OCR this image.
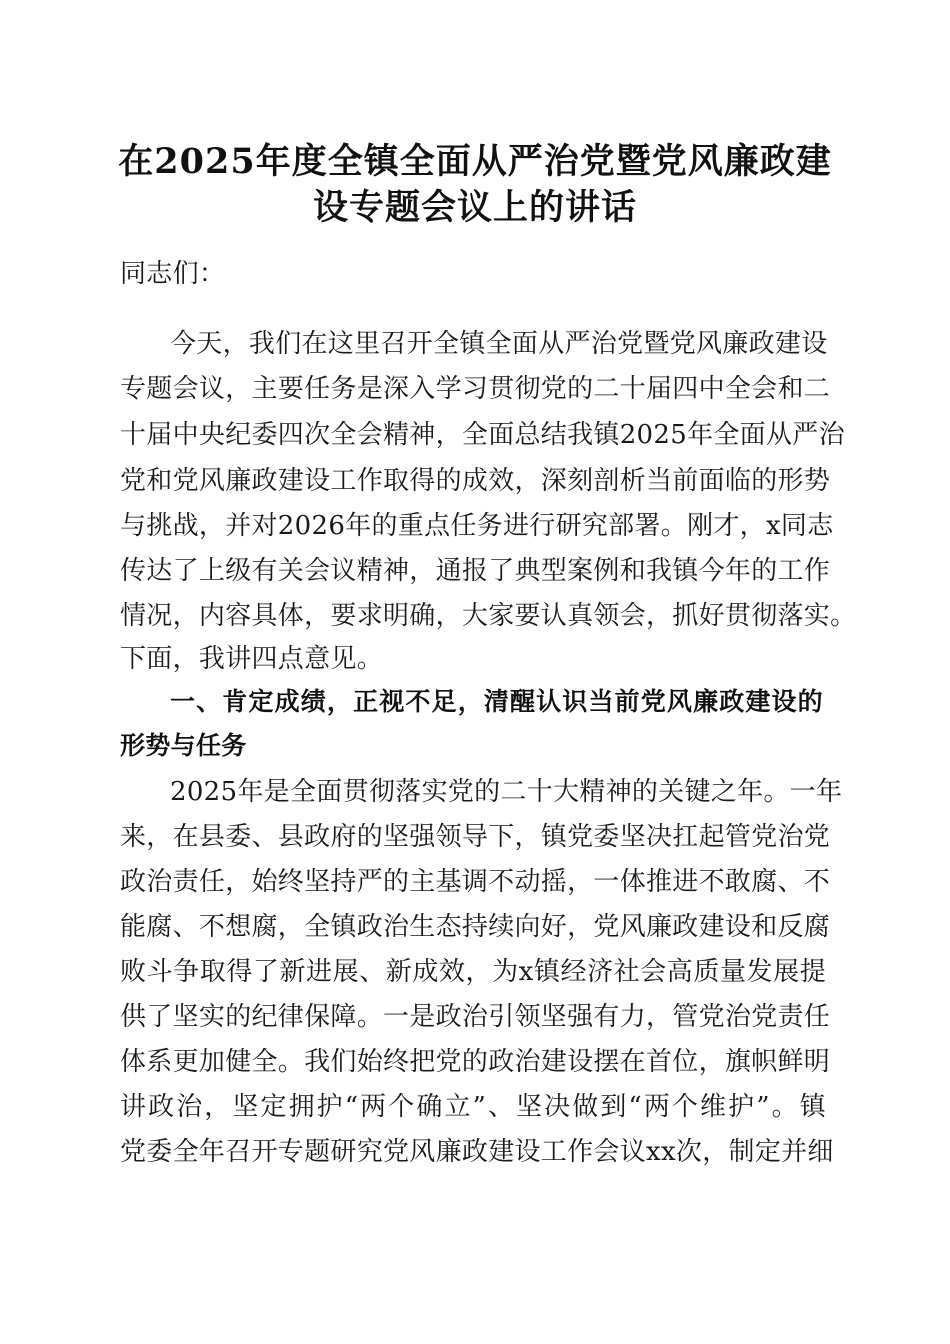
在2025年度全镇全面从严治党暨党风廉政建
设专题会议上的讲话
同志们：
今天，我们在这里召开全镇全面从严治党暨党风廉政建设
专题会议，主要任务是深入学习贯彻党的二十届四中全会和二
十届中央纪委四次全会精神，全面总结我镇2025年全面从严治
党和党风廉政建设工作取得的成效，深刻剖析当前面临的形势
与挑战，并对2026年的重点任务进行研究部署。刚才，x同志
传达了上级有关会议精神，通报了典型案例和我镇今年的工作
情况，内容具体，要求明确，大家要认真领会，抓好贯彻落实。
下面，我讲四点意见。
一、肯定成绩，正视不足，清醒认识当前党风廉政建设的
形势与任务
2025年是全面贯彻落实党的二十大精神的关键之年。一年
来，在县委、县政府的坚强领导下，镇党委坚决扛起管党治党
政治责任，始终坚持严的主基调不动摇，一体推进不敢腐、不
能腐、不想腐，全镇政治生态持续向好，党风廉政建设和反腐
败斗争取得了新进展、新成效，为x镇经济社会高质量发展提
供了坚实的纪律保障。一是政治引领坚强有力，管党治党责任
体系更加健全。我们始终把党的政治建设摆在首位，旗帜鲜明
讲政治，坚定拥护“两个确立”、坚决做到“两个维护”。镇
党委全年召开专题研究党风廉政建设工作会议xx次，制定并细
